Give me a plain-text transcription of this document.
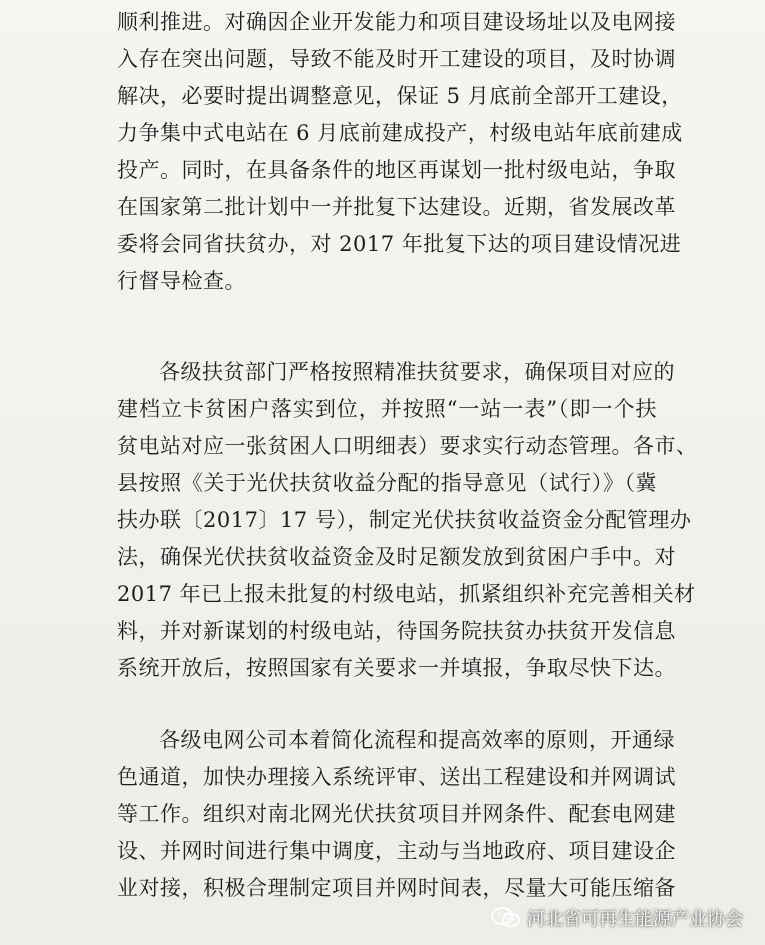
顺利推进。对确因企业开发能力和项目建设场址以及电网接
入存在突出问题，导致不能及时开工建设的项目，及时协调
解决，必要时提出调整意见，保证 5 月底前全部开工建设，
力争集中式电站在 6 月底前建成投产，村级电站年底前建成
投产。同时，在具备条件的地区再谋划一批村级电站，争取
在国家第二批计划中一并批复下达建设。近期，省发展改革
委将会同省扶贫办，对 2017 年批复下达的项目建设情况进
行督导检查。
各级扶贫部门严格按照精准扶贫要求，确保项目对应的
建档立卡贫困户落实到位，并按照“一站一表”（即一个扶
贫电站对应一张贫困人口明细表）要求实行动态管理。各市、
县按照《关于光伏扶贫收益分配的指导意见（试行）》（冀
扶办联〔2017〕17 号），制定光伏扶贫收益资金分配管理办
法，确保光伏扶贫收益资金及时足额发放到贫困户手中。对
2017 年已上报未批复的村级电站，抓紧组织补充完善相关材
料，并对新谋划的村级电站，待国务院扶贫办扶贫开发信息
系统开放后，按照国家有关要求一并填报，争取尽快下达。
各级电网公司本着简化流程和提高效率的原则，开通绿
色通道，加快办理接入系统评审、送出工程建设和并网调试
等工作。组织对南北网光伏扶贫项目并网条件、配套电网建
设、并网时间进行集中调度，主动与当地政府、项目建设企
业对接，积极合理制定项目并网时间表，尽量大可能压缩备
河北省可再生能源产业协会
